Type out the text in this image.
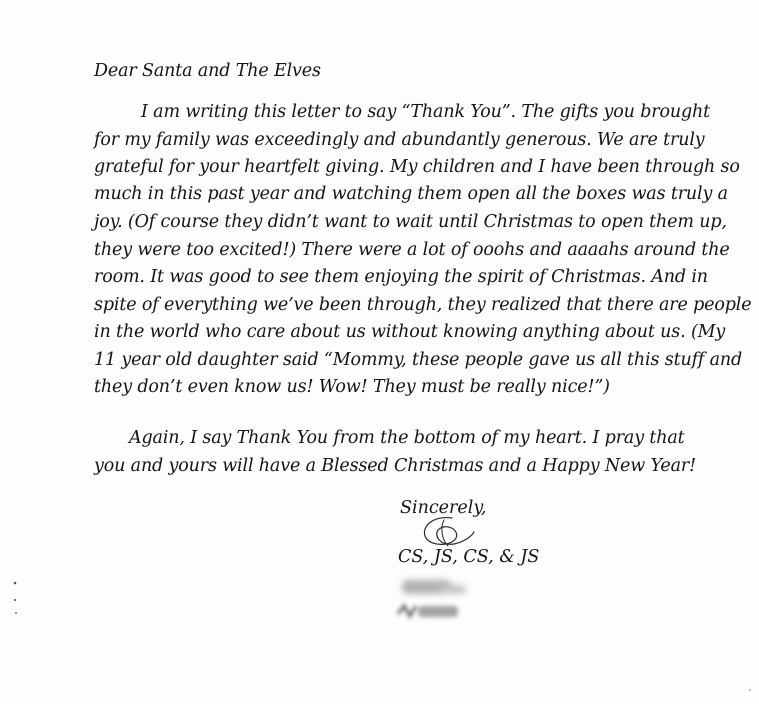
Dear Santa and The Elves
I am writing this letter to say “Thank You”. The gifts you brought
for my family was exceedingly and abundantly generous. We are truly
grateful for your heartfelt giving. My children and I have been through so
much in this past year and watching them open all the boxes was truly a
joy. (Of course they didn’t want to wait until Christmas to open them up,
they were too excited!) There were a lot of ooohs and aaaahs around the
room. It was good to see them enjoying the spirit of Christmas. And in
spite of everything we’ve been through, they realized that there are people
in the world who care about us without knowing anything about us. (My
11 year old daughter said “Mommy, these people gave us all this stuff and
they don’t even know us! Wow! They must be really nice!”)
Again, I say Thank You from the bottom of my heart. I pray that
you and yours will have a Blessed Christmas and a Happy New Year!
Sincerely,
CS, JS, CS, & JS
